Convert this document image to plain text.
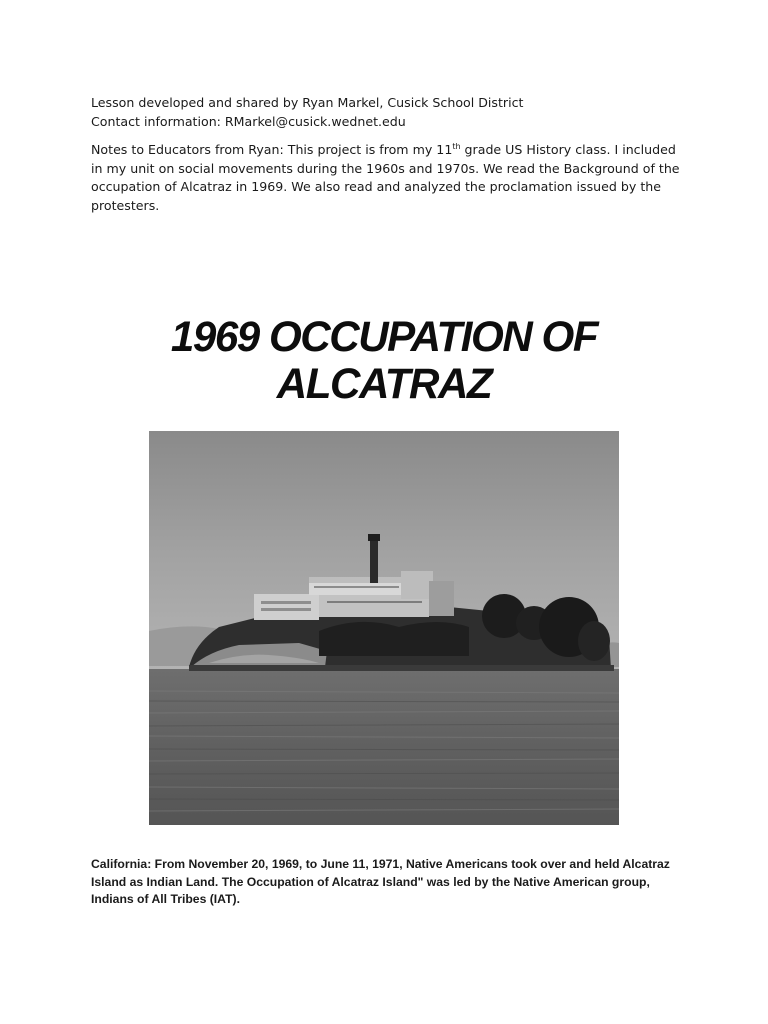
Lesson developed and shared by Ryan Markel, Cusick School District

Contact information: RMarkel@cusick.wednet.edu

Notes to Educators from Ryan: This project is from my 11th grade US History class. I included in my unit on social movements during the 1960s and 1970s. We read the Background of the occupation of Alcatraz in 1969. We also read and analyzed the proclamation issued by the protesters.

1969 OCCUPATION OF
ALCATRAZ

California: From November 20, 1969, to June 11, 1971, Native Americans took over and held Alcatraz Island as Indian Land. The Occupation of Alcatraz Island" was led by the Native American group, Indians of All Tribes (IAT).
